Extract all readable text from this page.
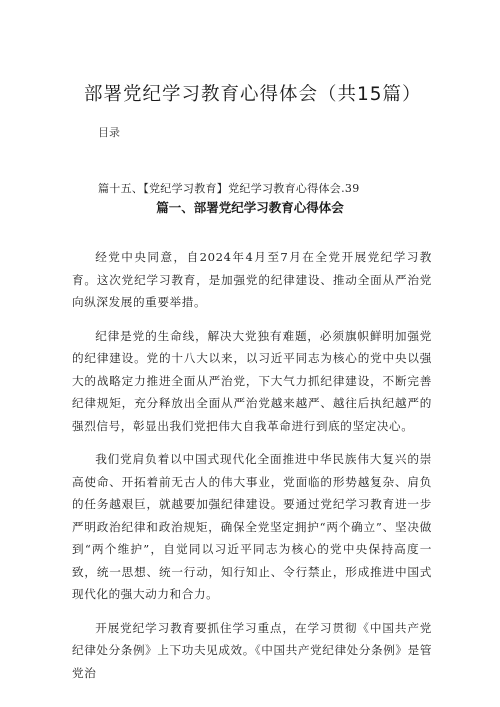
部署党纪学习教育心得体会（共15篇）
目录
篇十五、【党纪学习教育】党纪学习教育心得体会.39
篇一、部署党纪学习教育心得体会

经党中央同意，自2024年4月至7月在全党开展党纪学习教育。这次党纪学习教育，是加强党的纪律建设、推动全面从严治党向纵深发展的重要举措。

纪律是党的生命线，解决大党独有难题，必须旗帜鲜明加强党的纪律建设。党的十八大以来，以习近平同志为核心的党中央以强大的战略定力推进全面从严治党，下大气力抓纪律建设，不断完善纪律规矩，充分释放出全面从严治党越来越严、越往后执纪越严的强烈信号，彰显出我们党把伟大自我革命进行到底的坚定决心。

我们党肩负着以中国式现代化全面推进中华民族伟大复兴的崇高使命、开拓着前无古人的伟大事业，党面临的形势越复杂、肩负的任务越艰巨，就越要加强纪律建设。要通过党纪学习教育进一步严明政治纪律和政治规矩，确保全党坚定拥护“两个确立”、坚决做到“两个维护”，自觉同以习近平同志为核心的党中央保持高度一致，统一思想、统一行动，知行知止、令行禁止，形成推进中国式现代化的强大动力和合力。

开展党纪学习教育要抓住学习重点，在学习贯彻《中国共产党纪律处分条例》上下功夫见成效。《中国共产党纪律处分条例》是管党治
